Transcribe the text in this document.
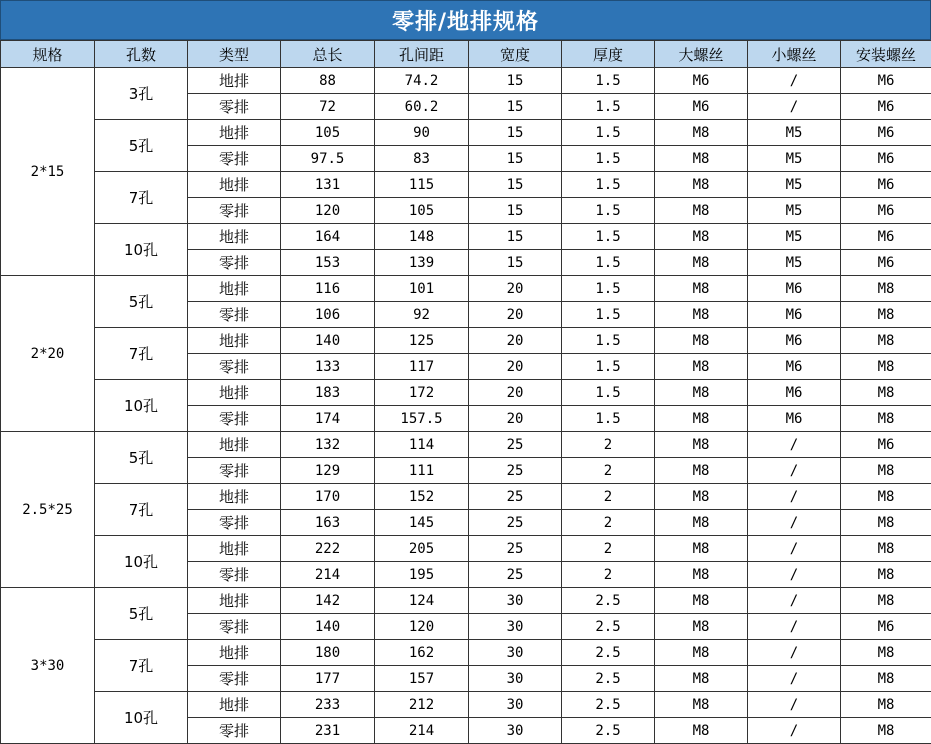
零排/地排规格
规格	孔数	类型	总长	孔间距	宽度	厚度	大螺丝	小螺丝	安装螺丝
2*15	3孔	地排	88	74.2	15	1.5	M6	/	M6
		零排	72	60.2	15	1.5	M6	/	M6
	5孔	地排	105	90	15	1.5	M8	M5	M6
		零排	97.5	83	15	1.5	M8	M5	M6
	7孔	地排	131	115	15	1.5	M8	M5	M6
		零排	120	105	15	1.5	M8	M5	M6
	10孔	地排	164	148	15	1.5	M8	M5	M6
		零排	153	139	15	1.5	M8	M5	M6
2*20	5孔	地排	116	101	20	1.5	M8	M6	M8
		零排	106	92	20	1.5	M8	M6	M8
	7孔	地排	140	125	20	1.5	M8	M6	M8
		零排	133	117	20	1.5	M8	M6	M8
	10孔	地排	183	172	20	1.5	M8	M6	M8
		零排	174	157.5	20	1.5	M8	M6	M8
2.5*25	5孔	地排	132	114	25	2	M8	/	M6
		零排	129	111	25	2	M8	/	M8
	7孔	地排	170	152	25	2	M8	/	M8
		零排	163	145	25	2	M8	/	M8
	10孔	地排	222	205	25	2	M8	/	M8
		零排	214	195	25	2	M8	/	M8
3*30	5孔	地排	142	124	30	2.5	M8	/	M8
		零排	140	120	30	2.5	M8	/	M6
	7孔	地排	180	162	30	2.5	M8	/	M8
		零排	177	157	30	2.5	M8	/	M8
	10孔	地排	233	212	30	2.5	M8	/	M8
		零排	231	214	30	2.5	M8	/	M8
